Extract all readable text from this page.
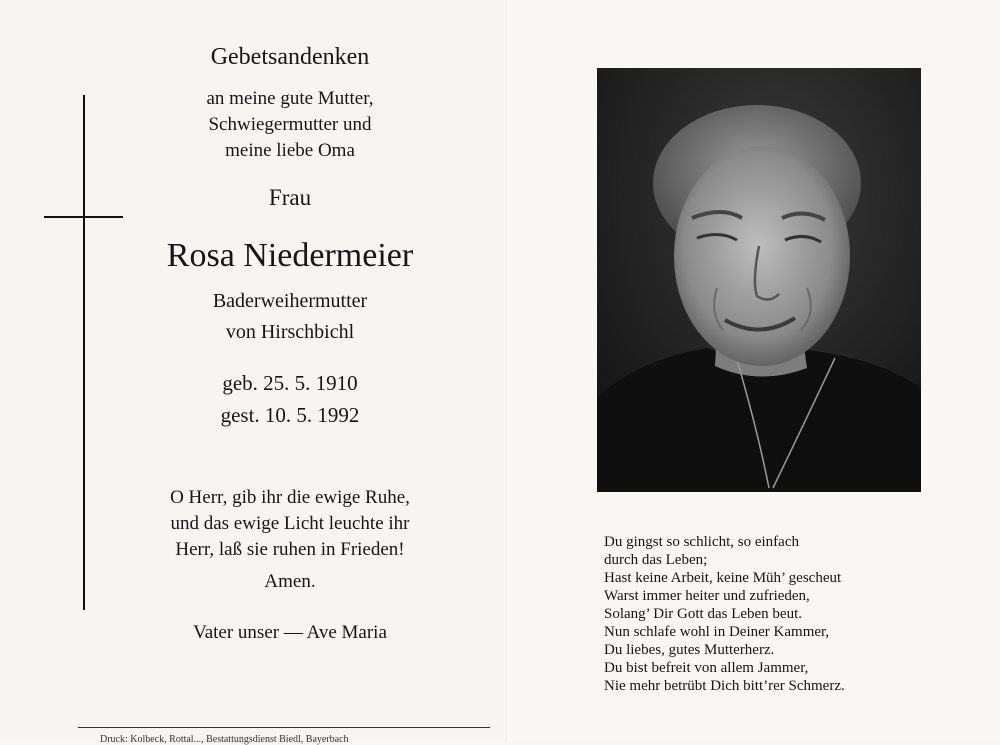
Gebetsandenken
an meine gute Mutter,
Schwiegermutter und
meine liebe Oma
Frau
Rosa Niedermeier
Baderweihermutter
von Hirschbichl
geb. 25. 5. 1910
gest. 10. 5. 1992
O Herr, gib ihr die ewige Ruhe,
und das ewige Licht leuchte ihr
Herr, laß sie ruhen in Frieden!
Amen.
Vater unser — Ave Maria
Druck: Kolbeck, Rottal..., Bestattungsdienst Biedl, Bayerbach
Du gingst so schlicht, so einfach
durch das Leben;
Hast keine Arbeit, keine Müh’ gescheut
Warst immer heiter und zufrieden,
Solang’ Dir Gott das Leben beut.
Nun schlafe wohl in Deiner Kammer,
Du liebes, gutes Mutterherz.
Du bist befreit von allem Jammer,
Nie mehr betrübt Dich bitt’rer Schmerz.
